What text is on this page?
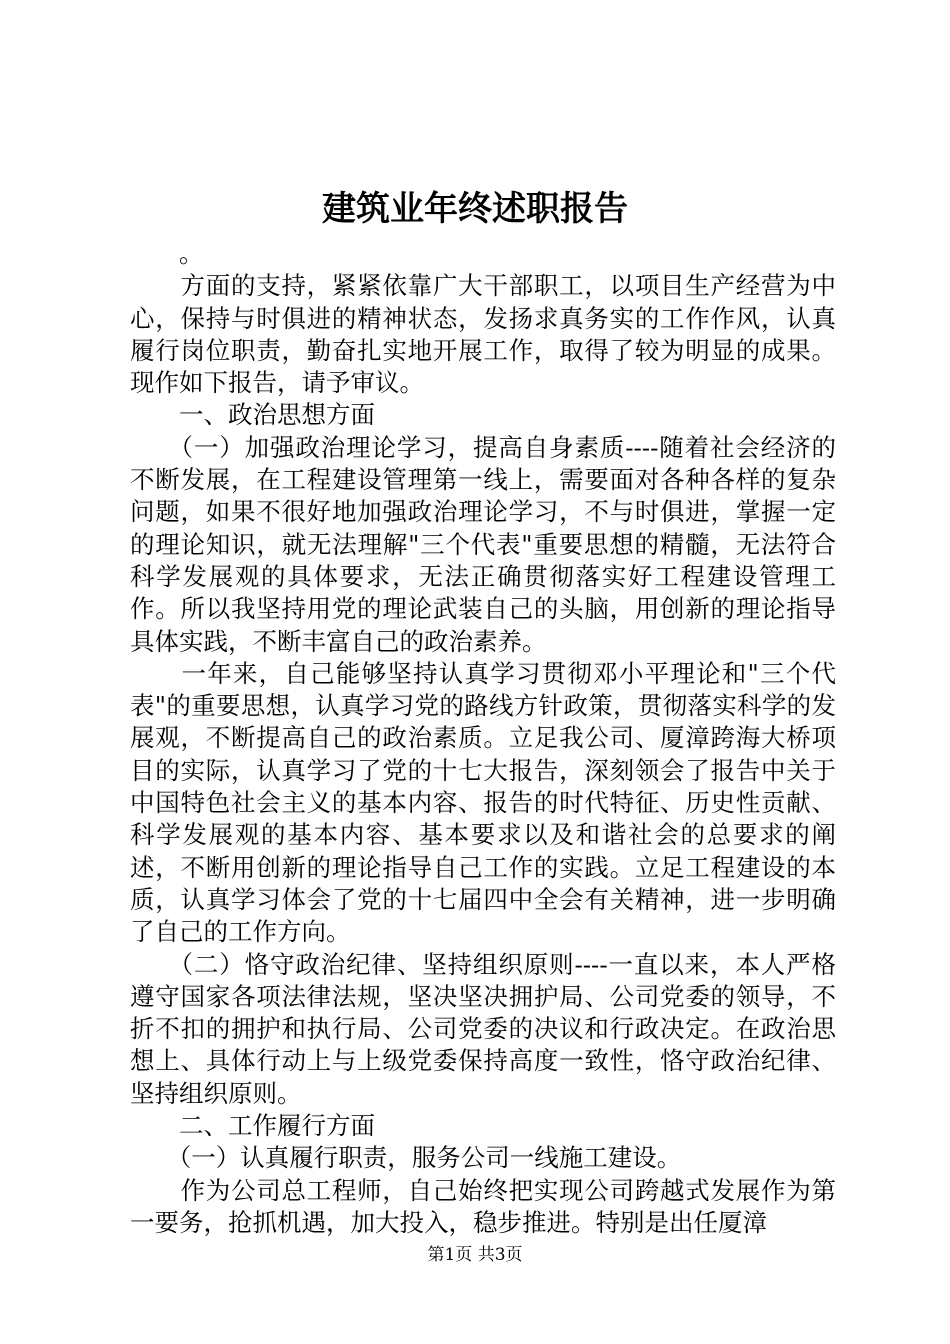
建筑业年终述职报告

　　。

　　方面的支持，紧紧依靠广大干部职工，以项目生产经营为中心，保持与时俱进的精神状态，发扬求真务实的工作作风，认真履行岗位职责，勤奋扎实地开展工作，取得了较为明显的成果。现作如下报告，请予审议。

　　一、政治思想方面

　　（一）加强政治理论学习，提高自身素质----随着社会经济的不断发展，在工程建设管理第一线上，需要面对各种各样的复杂问题，如果不很好地加强政治理论学习，不与时俱进，掌握一定的理论知识，就无法理解"三个代表"重要思想的精髓，无法符合科学发展观的具体要求，无法正确贯彻落实好工程建设管理工作。所以我坚持用党的理论武装自己的头脑，用创新的理论指导具体实践，不断丰富自己的政治素养。

　　一年来，自己能够坚持认真学习贯彻邓小平理论和"三个代表"的重要思想，认真学习党的路线方针政策，贯彻落实科学的发展观，不断提高自己的政治素质。立足我公司、厦漳跨海大桥项目的实际，认真学习了党的十七大报告，深刻领会了报告中关于中国特色社会主义的基本内容、报告的时代特征、历史性贡献、科学发展观的基本内容、基本要求以及和谐社会的总要求的阐述，不断用创新的理论指导自己工作的实践。立足工程建设的本质，认真学习体会了党的十七届四中全会有关精神，进一步明确了自己的工作方向。

　　（二）恪守政治纪律、坚持组织原则----一直以来，本人严格遵守国家各项法律法规，坚决坚决拥护局、公司党委的领导，不折不扣的拥护和执行局、公司党委的决议和行政决定。在政治思想上、具体行动上与上级党委保持高度一致性，恪守政治纪律、坚持组织原则。

　　二、工作履行方面

　　（一）认真履行职责，服务公司一线施工建设。

　　作为公司总工程师，自己始终把实现公司跨越式发展作为第一要务，抢抓机遇，加大投入，稳步推进。特别是出任厦漳

第1页 共3页
